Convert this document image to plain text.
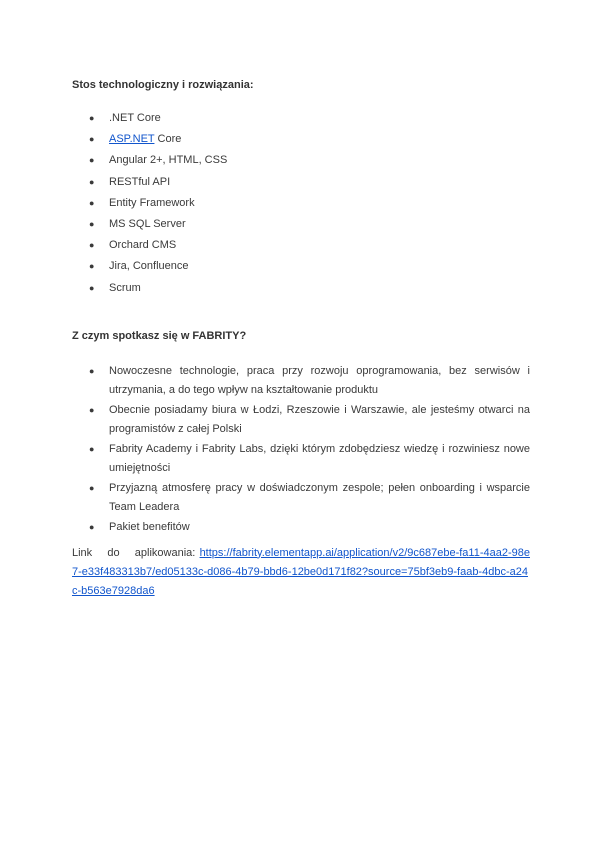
Stos technologiczny i rozwiązania:
● .NET Core
● ASP.NET Core
● Angular 2+, HTML, CSS
● RESTful API
● Entity Framework
● MS SQL Server
● Orchard CMS
● Jira, Confluence
● Scrum
Z czym spotkasz się w FABRITY?
● Nowoczesne technologie, praca przy rozwoju oprogramowania, bez serwisów i utrzymania, a do tego wpływ na kształtowanie produktu
● Obecnie posiadamy biura w Łodzi, Rzeszowie i Warszawie, ale jesteśmy otwarci na programistów z całej Polski
● Fabrity Academy i Fabrity Labs, dzięki którym zdobędziesz wiedzę i rozwiniesz nowe umiejętności
● Przyjazną atmosferę pracy w doświadczonym zespole; pełen onboarding i wsparcie Team Leadera
● Pakiet benefitów

Link do aplikowania: https://fabrity.elementapp.ai/application/v2/9c687ebe-fa11-4aa2-98e7-e33f483313b7/ed05133c-d086-4b79-bbd6-12be0d171f82?source=75bf3eb9-faab-4dbc-a24c-b563e7928da6
